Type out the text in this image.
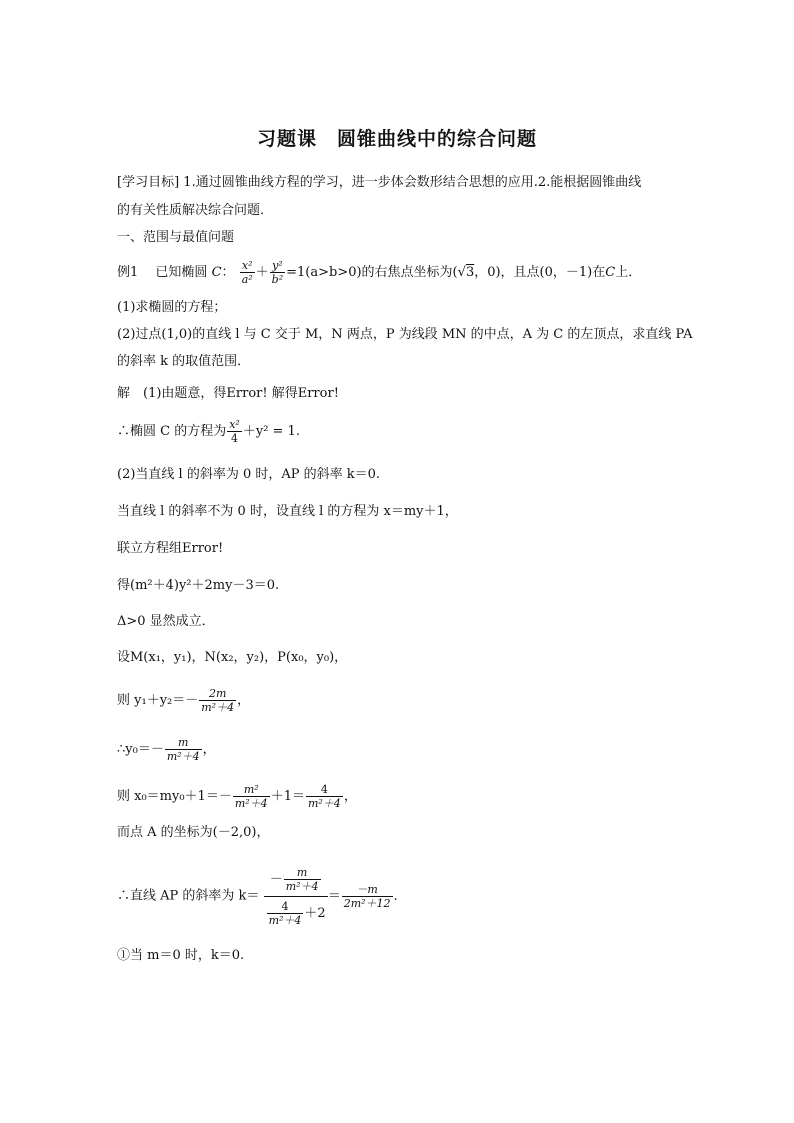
习题课　圆锥曲线中的综合问题
[学习目标] 1.通过圆锥曲线方程的学习，进一步体会数形结合思想的应用.2.能根据圆锥曲线
的有关性质解决综合问题．
一、范围与最值问题
例1　 已知椭圆 C： $\frac{\text{x²}}{\text{a²}} + \frac{\text{y²}}{\text{b²}} =1(a>b>0)$的右焦点坐标为(√3，0)，且点(0，－1)在C上．
(1)求椭圆的方程；
(2)过点(1,0)的直线 l 与 C 交于 M，N 两点，P 为线段 MN 的中点，A 为 C 的左顶点，求直线 PA
的斜率 k 的取值范围．
解　(1)由题意，得Error! 解得Error!
∴椭圆 C 的方程为 $\frac{\text{x²}}{4} +y^2 = 1$.
(2)当直线 l 的斜率为 0 时，AP 的斜率 k＝0.
当直线 l 的斜率不为 0 时，设直线 l 的方程为 x＝my＋1，
联立方程组Error!
得(m²＋4)y²＋2my－3＝0.
Δ>0 显然成立．
设M(x₁，y₁)，N(x₂，y₂)，P(x₀，y₀)，
则 $y_1+y_2=- \frac{2m}{\text{m²＋4}}$ ，
∴y₀＝－ $\frac{m}{\text{m²＋4}}$ ，
则 $x_0=my_0+1=- \frac{\text{m²}}{\text{m²＋4}} +1= \frac{4}{\text{m²＋4}}$ ，
而点 A 的坐标为(－2,0)，
∴直线 AP 的斜率为 $k= \frac{- \frac{m}{\text{m²＋4}}}{\frac{4}{\text{m²＋4}} +2} = \frac{-m}{\text{2m²＋12}}$ .
①当 m＝0 时，k＝0.
